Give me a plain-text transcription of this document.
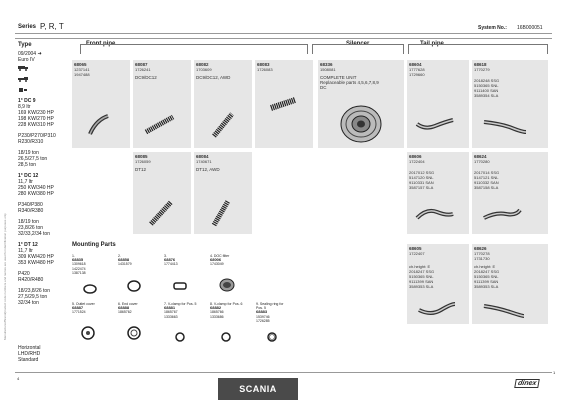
Manufacturer/Brand/product code numbers and names are used for identification purposes only
Series P, R, T	System No.: 16B000051
Front pipe	Silencer	Tail pipe
Type
09/2004 ➜
Euro IV
1° DC 9
8,9 ltr
169 KW/230 HP
198 KW/270 HP
228 KW/310 HP
P230/P270/P310
R230/R310
18/19 ton
26,5/27,5 ton
28,5 ton
1° DC 12
11,7 ltr
250 KW/340 HP
280 KW/380 HP
P340/P380
R340/R380
18/19 ton
23,8/26 ton
32/33,2/34 ton
1° DT 12
11,7 ltr
309 KW/420 HP
353 KW/480 HP
P420
R420/R480
18/23,8/26 ton
27,5/29,5 ton
32/34 ton
Horizontal
LHD/RHD
Standard
68065
1237141
1947488
68087
1726241
DC9/DC12
68082
1703609
DC9/DC12, AWD
68083
1726083
68336
1508081
COMPLETE UNIT
Replaceable parts 4,5,6,7,8,9
DC
68604
1777628
1729660
68618
1770279
2018248 SSG
5150365 SNL
9111400 SAN
3589354 SLA
68085
1726059
DT12
68084
1740671
DT12, AWD
68606
1722404
2017012 SSG
5147120 SNL
9110331 SAN
3587157 SLA
68624
1770280
2017014 SSG
5147121 SNL
9110332 SAN
3587158 SLA
68605
1722407
ch.height: E
2018247 SSG
5150365 SNL
9111399 SAN
3589353 SLA
68626
1770278
1731730
ch.height: E
2018247 SSG
5150365 SNL
9111399 SAN
3589353 SLA
Mounting Parts
1.
68835
1309618
1422474
1387138
2.
68858
1431579
3.
68876
1774413
4. DOC filter
68006
1743049
5. Outlet cover
68887
1771524
6. End cover
68888
1865762
7. V-clamp for Pos. 5
68881
1865767
1333663
8. V-clamp for Pos. 6
68882
1865766
1333686
9. Sealing ring for Pos. 5
68883
1539746
1726285
4
1
SCANIA
dinex
